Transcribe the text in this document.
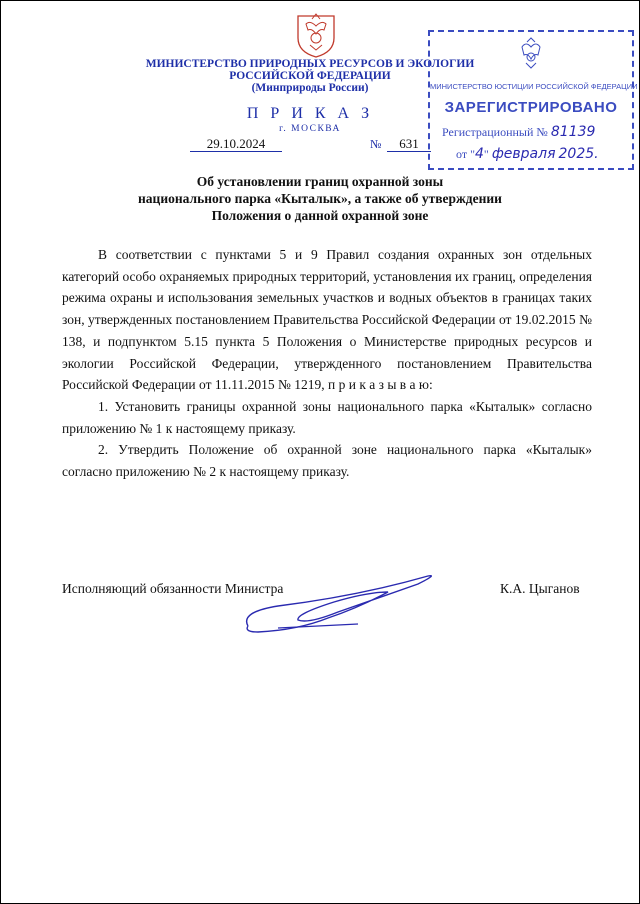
МИНИСТЕРСТВО ПРИРОДНЫХ РЕСУРСОВ И ЭКОЛОГИИ
РОССИЙСКОЙ ФЕДЕРАЦИИ
(Минприроды России)
П Р И К А З
г. МОСКВА
29.10.2024	№	631
МИНИСТЕРСТВО ЮСТИЦИИ РОССИЙСКОЙ ФЕДЕРАЦИИ
ЗАРЕГИСТРИРОВАНО
Регистрационный № 81139
от "4" февраля 2025.
Об установлении границ охранной зоны
национального парка «Кыталык», а также об утверждении
Положения о данной охранной зоне

В соответствии с пунктами 5 и 9 Правил создания охранных зон отдельных категорий особо охраняемых природных территорий, установления их границ, определения режима охраны и использования земельных участков и водных объектов в границах таких зон, утвержденных постановлением Правительства Российской Федерации от 19.02.2015 № 138, и подпунктом 5.15 пункта 5 Положения о Министерстве природных ресурсов и экологии Российской Федерации, утвержденного постановлением Правительства Российской Федерации от 11.11.2015 № 1219, п р и к а з ы в а ю:

1. Установить границы охранной зоны национального парка «Кыталык» согласно приложению № 1 к настоящему приказу.

2. Утвердить Положение об охранной зоне национального парка «Кыталык» согласно приложению № 2 к настоящему приказу.

Исполняющий обязанности Министра	К.А. Цыганов
